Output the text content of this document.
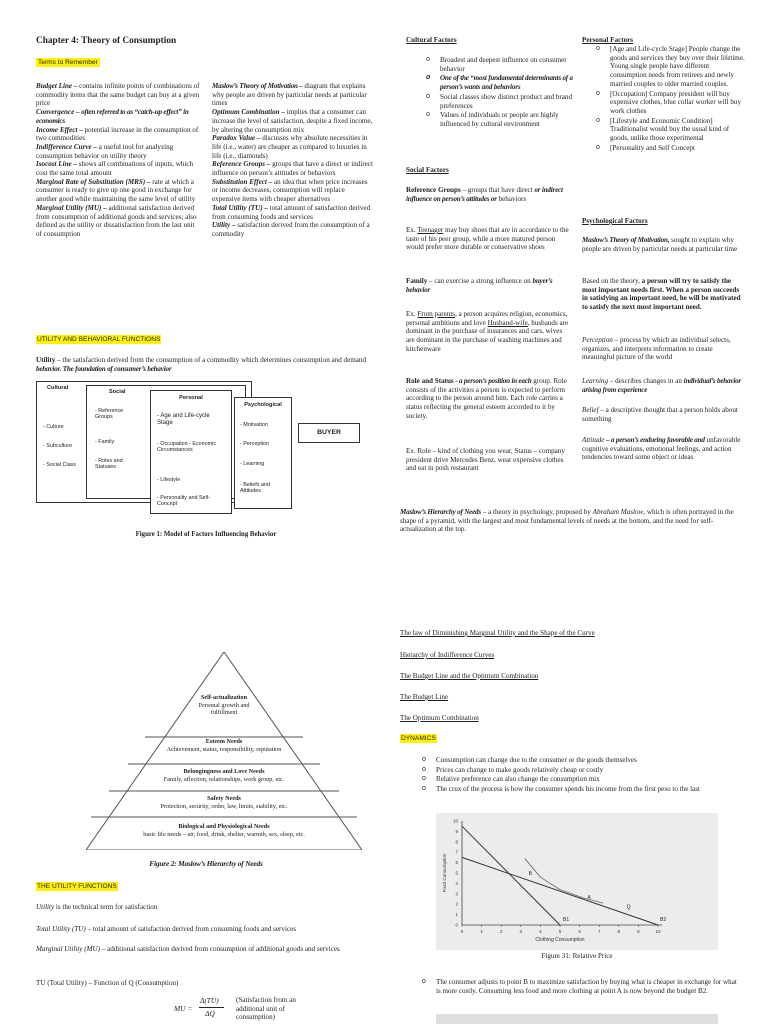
Chapter 4: Theory of Consumption
Terms to Remember
Budget Line – contains infinite points of combinations of commodity items that the same budget can buy at a given price
Convergence – often referred to as “catch-up effect” in economics
Income Effect – potential increase in the consumption of two commodities
Indifference Curve – a useful tool for analyzing consumption behavior on utility theory
Isocost Line – shows all combinations of inputs, which cost the same total amount
Marginal Rate of Substitution (MRS) – rate at which a consumer is ready to give up one good in exchange for another good while maintaining the same level of utility
Marginal Utility (MU) – additional satisfaction derived from consumption of additional goods and services; also defined as the utility or dissatisfaction from the last unit of consumption
Maslow’s Theory of Motivation – diagram that explains why people are driven by particular needs at particular times
Optimum Combination – implies that a consumer can increase the level of satisfaction, despite a fixed income, by altering the consumption mix
Paradox Value – discusses why absolute necessities in life (i.e., water) are cheaper as compared to luxuries in life (i.e., diamonds)
Reference Groups – groups that have a direct or indirect influence on person’s attitudes or behaviors
Substitution Effect – an idea that when price increases or income decreases, consumption will replace expensive items with cheaper alternatives
Total Utility (TU) – total amount of satisfaction derived from consuming foods and services
Utility – satisfaction derived from the consumption of a commodity
UTILITY AND BEHAVIORAL FUNCTIONS
Utility – the satisfaction derived from the consumption of a commodity which determines consumption and demand behavior. The foundation of consumer’s behavior
Cultural
- Culture
- Subculture
- Social Class
Social
- Reference Groups
- Family
- Roles and Statuses
Personal
- Age and Life-cycle Stage
- Occupation - Economic Circumstances
- Lifestyle
- Personality and Self-Concept
Psychological
- Motivation
- Perception
- Learning
- Beliefs and Attitudes
BUYER
Figure 1: Model of Factors Influencing Behavior
Self-actualization
Personal growth and fulfillment
Esteem Needs
Achievement, status, responsibility, reputation
Belongingness and Love Needs
Family, affection, relationships, work group, etc.
Safety Needs
Protection, security, order, law, limits, stability, etc.
Biological and Physiological Needs
basic life needs – air, food, drink, shelter, warmth, sex, sleep, etc.
Figure 2: Maslow’s Hierarchy of Needs
THE UTILITY FUNCTIONS
Utility is the technical term for satisfaction
Total Utility (TU) – total amount of satisfaction derived from consuming foods and services
Marginal Utility (MU) – additional satisfaction derived from consumption of additional goods and services
TU (Total Utility) – Function of Q (Consumption)
MU =
Δ(TU)
ΔQ
(Satisfaction from an additional unit of consumption)
Cultural Factors
o Broadest and deepest influence on consumer behavior
o One of the “most fundamental determinants of a person’s wants and behaviors
o Social classes show distinct product and brand preferences
o Values of individuals or people are highly influenced by cultural environment
Social Factors
Reference Groups – groups that have direct or indirect influence on person’s attitudes or behaviors
Ex. Teenager may buy shoes that are in accordance to the taste of his peer group, while a more matured person would prefer more durable or conservative shoes
Family – can exercise a strong influence on buyer’s behavior
Ex. From parents, a person acquires religion, economics, personal ambitions and love Husband-wife, husbands are dominant in the purchase of insurances and cars, wives are dominant in the purchase of washing machines and kitchenware
Role and Status - a person’s position in each group. Role consists of the activities a person is expected to perform according to the person around him. Each role carries a status reflecting the general esteem accorded to it by society.
Ex. Role – kind of clothing you wear, Status – company president drive Mercedes Benz, wear expensive clothes and eat in posh restaurant
Personal Factors
o [Age and Life-cycle Stage] People change the goods and services they buy over their lifetime. Young single people have different consumption needs from retirees and newly married couples to older married couples.
o [Occupation] Company president will buy expensive clothes, blue collar worker will buy work clothes
o [Lifestyle and Economic Condition] Traditionalist would buy the usual kind of goods, unlike those experimental
o [Personality and Self Concept
Psychological Factors
Maslow’s Theory of Motivation, sought to explain why people are driven by particular needs at particular time
Based on the theory, a person will try to satisfy the most important needs first. When a person succeeds in satisfying an important need, he will be motivated to satisfy the next most important need.
Perception – process by which an individual selects, organizes, and interprets information to create meaningful picture of the world
Learning – describes changes in an individual’s behavior arising from experience
Belief – a descriptive thought that a person holds about something
Attitude – a person’s enduring favorable and unfavorable cognitive evaluations, emotional feelings, and action tendencies toward some object or ideas
Maslow’s Hierarchy of Needs – a theory in psychology, proposed by Abraham Maslow, which is often portrayed in the shape of a pyramid, with the largest and most fundamental levels of needs at the bottom, and the need for self-actualization at the top.
The law of Diminishing Marginal Utility and the Shape of the Curve
Hierarchy of Indifference Curves
The Budget Line and the Optimum Combination
The Budget Line
The Optimum Combination
DYNAMICS
o Consumption can change due to the consumer or the goods themselves
o Prices can change to make goods relatively cheap or costly
o Relative preference can also change the consumption mix
o The crux of the process is how the consumer spends his income from the first peso to the last
0	1	2	3	4	5	6	7	8	9	10
0
1
2
3
4
5
6
7
8
9
10
Clothing Consumption
Food Consumption	B
A
Q
B1	B2
Figure 31: Relative Price
o The consumer adjusts to point B to maximize satisfaction by buying what is cheaper in exchange for what is more costly. Consuming less food and more clothing at point A is now beyond the budget B2.
